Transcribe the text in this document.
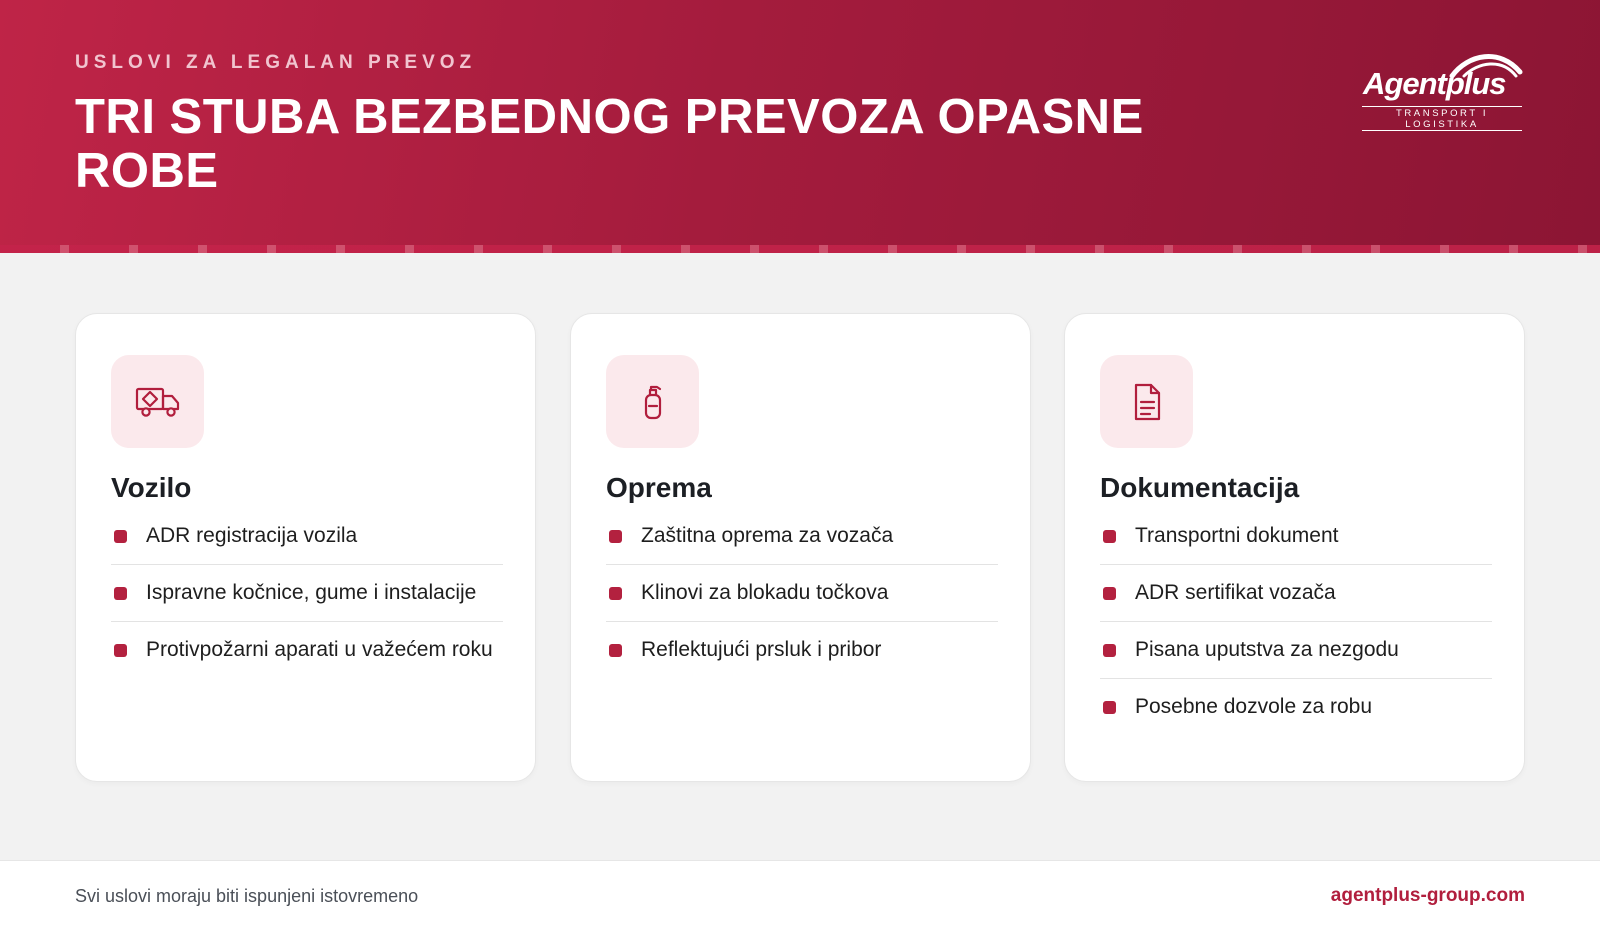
USLOVI ZA LEGALAN PREVOZ
TRI STUBA BEZBEDNOG PREVOZA OPASNE ROBE
Agentplus
TRANSPORT I LOGISTIKA
Vozilo
ADR registracija vozila
Ispravne kočnice, gume i instalacije
Protivpožarni aparati u važećem roku
Oprema
Zaštitna oprema za vozača
Klinovi za blokadu točkova
Reflektujući prsluk i pribor
Dokumentacija
Transportni dokument
ADR sertifikat vozača
Pisana uputstva za nezgodu
Posebne dozvole za robu
Svi uslovi moraju biti ispunjeni istovremeno	agentplus-group.com
